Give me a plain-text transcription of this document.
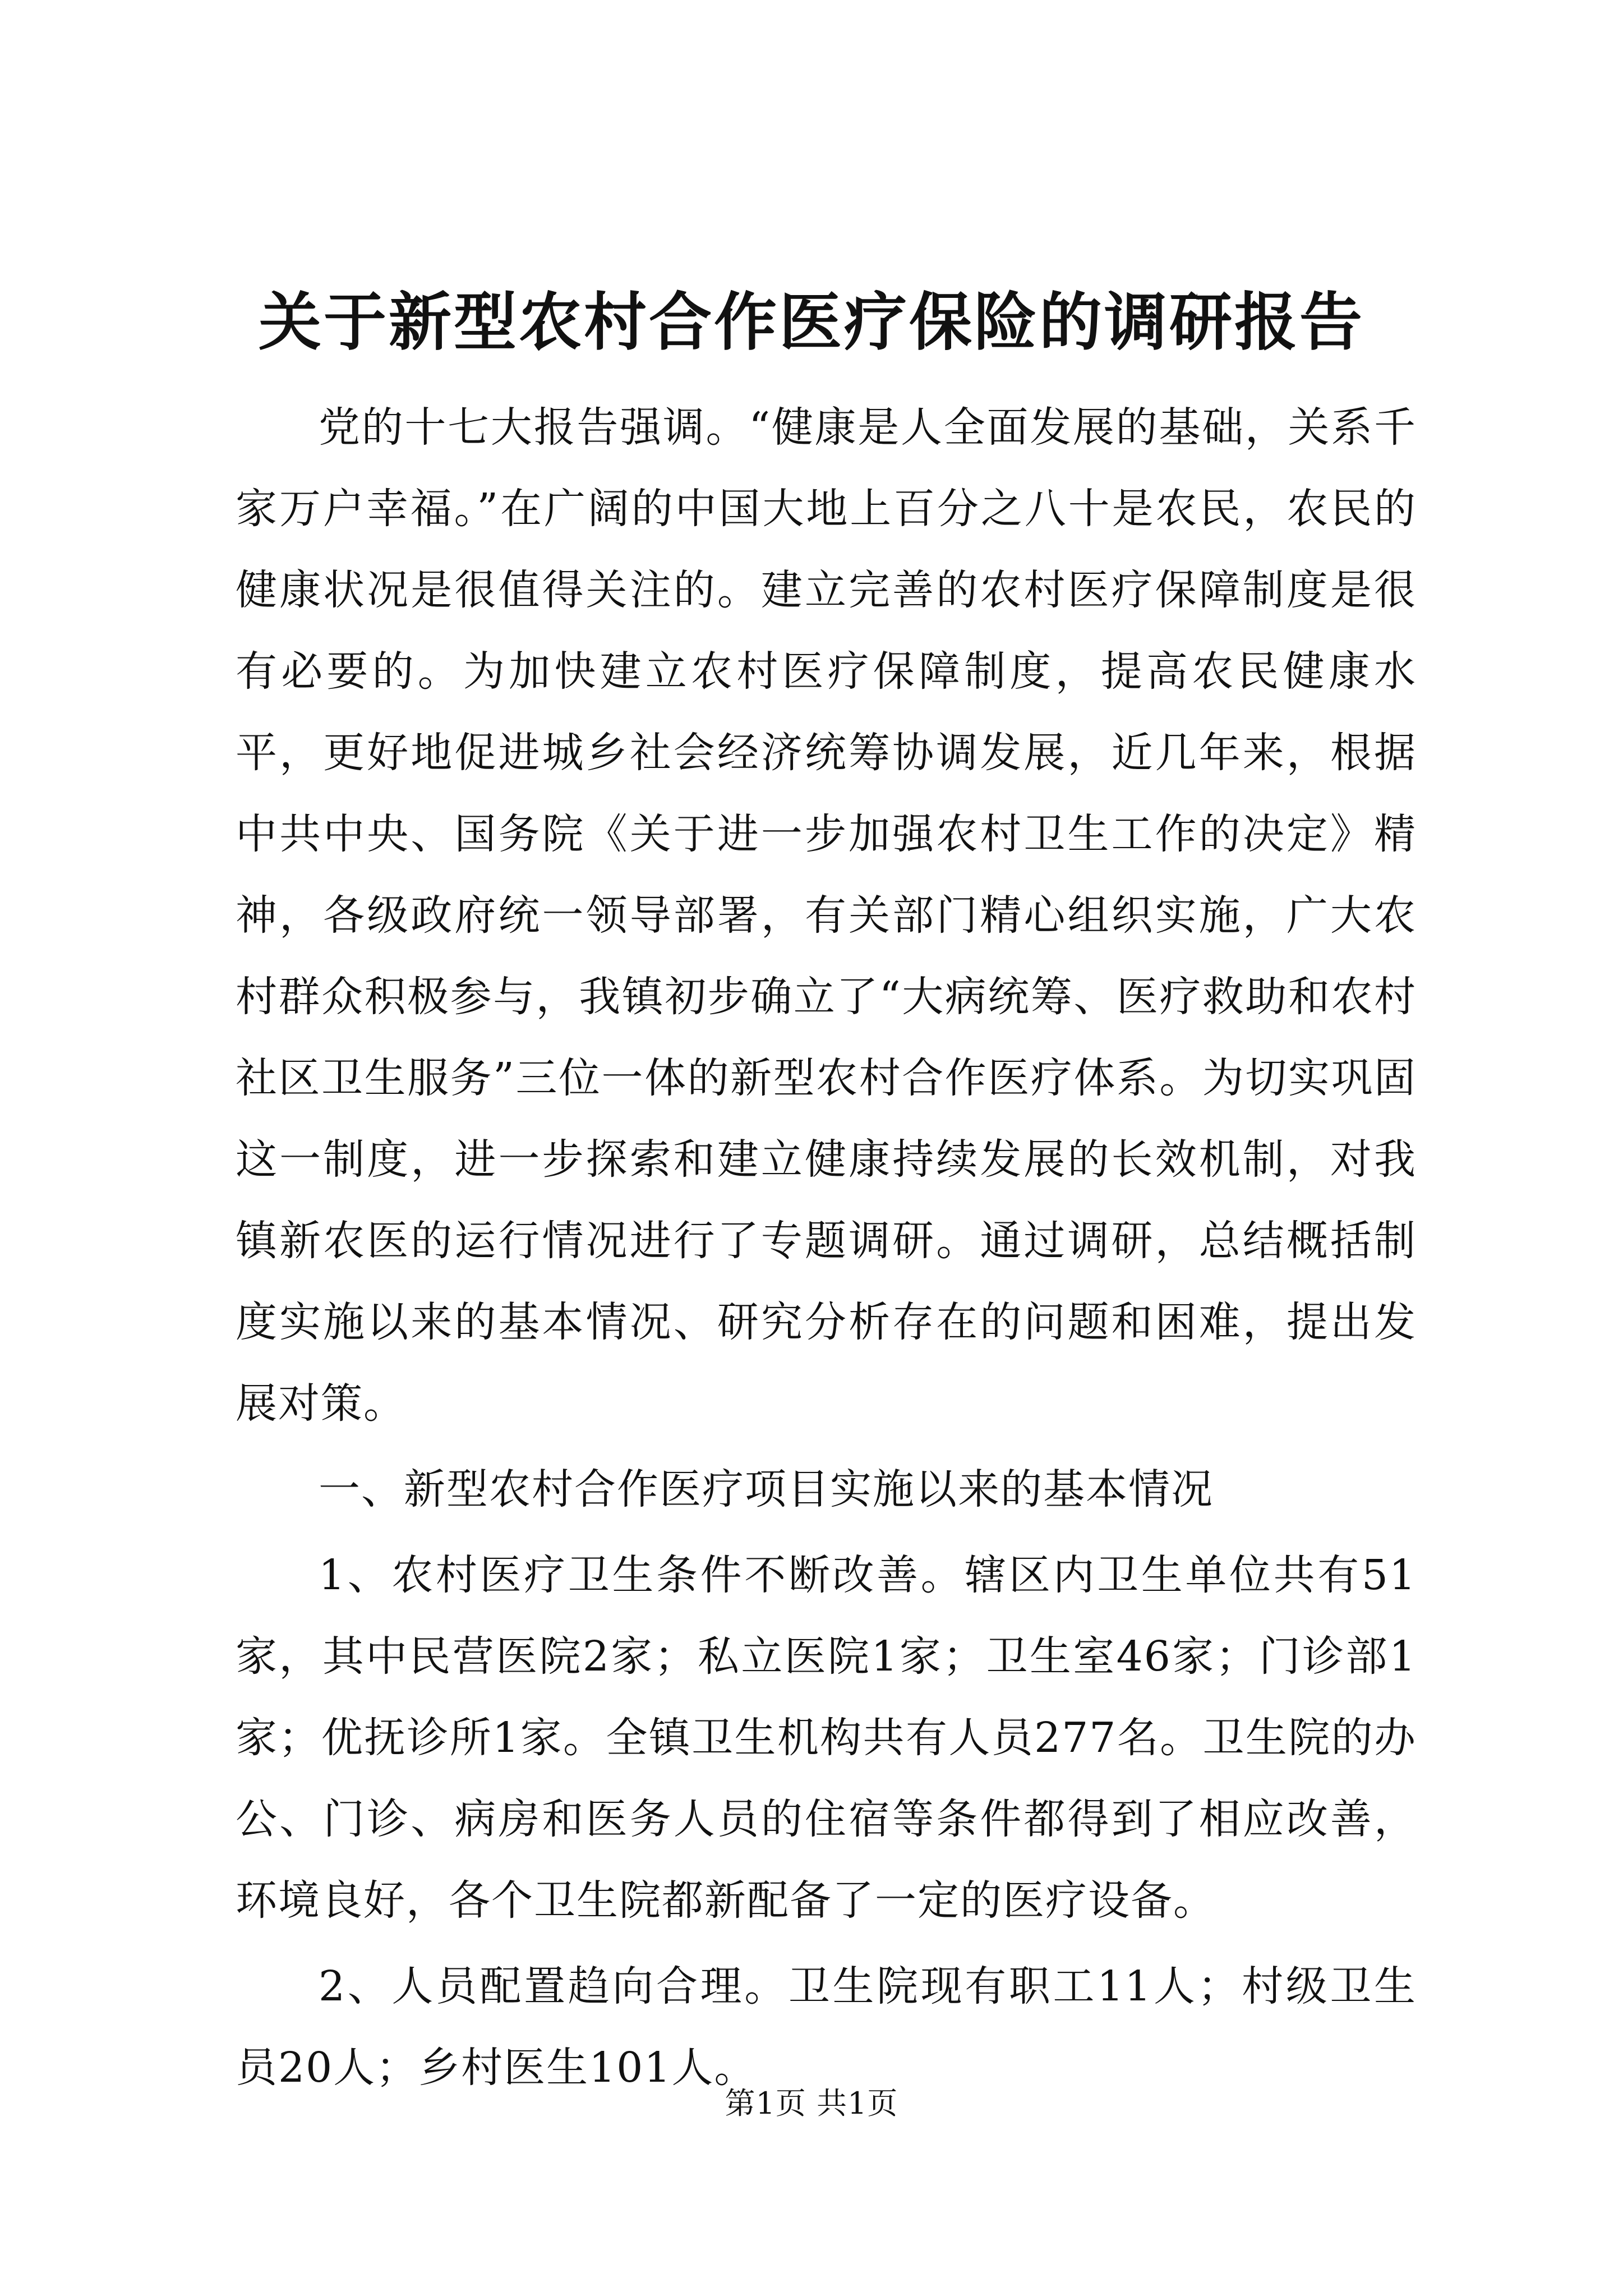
关于新型农村合作医疗保险的调研报告

党的十七大报告强调。“健康是人全面发展的基础，关系千家万户幸福。”在广阔的中国大地上百分之八十是农民，农民的健康状况是很值得关注的。建立完善的农村医疗保障制度是很有必要的。为加快建立农村医疗保障制度，提高农民健康水平，更好地促进城乡社会经济统筹协调发展，近几年来，根据中共中央、国务院《关于进一步加强农村卫生工作的决定》精神，各级政府统一领导部署，有关部门精心组织实施，广大农村群众积极参与，我镇初步确立了“大病统筹、医疗救助和农村社区卫生服务”三位一体的新型农村合作医疗体系。为切实巩固这一制度，进一步探索和建立健康持续发展的长效机制，对我镇新农医的运行情况进行了专题调研。通过调研，总结概括制度实施以来的基本情况、研究分析存在的问题和困难，提出发展对策。

一、新型农村合作医疗项目实施以来的基本情况

1、农村医疗卫生条件不断改善。辖区内卫生单位共有51家，其中民营医院2家；私立医院1家；卫生室46家；门诊部1家；优抚诊所1家。全镇卫生机构共有人员277名。卫生院的办公、门诊、病房和医务人员的住宿等条件都得到了相应改善，环境良好，各个卫生院都新配备了一定的医疗设备。

2、人员配置趋向合理。卫生院现有职工11人；村级卫生员20人；乡村医生101人。

第1页 共1页
